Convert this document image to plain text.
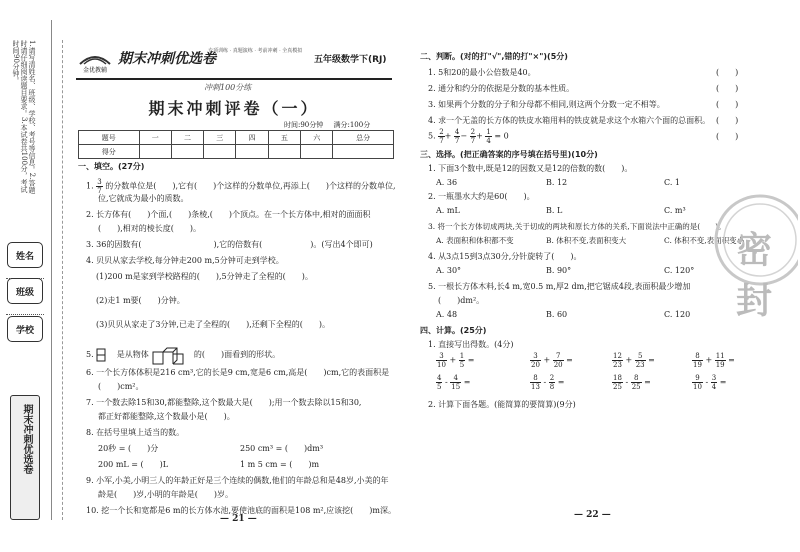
1.请写清姓名、班级、学校、考号等信息。2.答题时请仔细阅读题目要求。3.本试卷共100分，考试时间90分钟。
姓名
班级
学校
期末冲刺优选卷
金优教辅
期末冲刺优选卷
专项训练 · 真题演练 · 考前冲刺 · 全真模拟
五年级数学下(RJ)
冲刺100分练
期末冲刺评卷（一）
时间:90分钟 满分:100分
题号	一	二	三	四	五	六	总分
得分							
一、填空。(27分)
1. $\frac{3}{7}$ 的分数单位是(　　),它有(　　)个这样的分数单位,再添上(　　)个这样的分数单位,
位,它就成为最小的质数。
2. 长方体有(　　)个面,(　　)条棱,(　　)个顶点。在一个长方体中,相对的面面积
(　　),相对的棱长度(　　)。
3. 36的因数有(　　　　　　　　　),它的倍数有(　　　　　　)。(写出4个即可)
4. 贝贝从家去学校,每分钟走200 m,5分钟可走到学校。
(1)200 m是家到学校路程的(　　),5分钟走了全程的(　　)。
(2)走1 m要(　　)分钟。
(3)贝贝从家走了3分钟,已走了全程的(　　),还剩下全程的(　　)。
5.	是从物体	的(　　)面看到的形状。
6. 一个长方体体积是216 cm³,它的长是9 cm,宽是6 cm,高是(　　)cm,它的表面积是
(　　)cm²。
7. 一个数去除15和30,都能整除,这个数最大是(　　);用一个数去除以15和30,
都正好都能整除,这个数最小是(　　)。
8. 在括号里填上适当的数。
20秒 = (　　)分	250 cm³ = (　　)dm³
200 mL = (　　)L	1 m 5 cm = (　　)m
9. 小军,小美,小明三人的年龄正好是三个连续的偶数,他们的年龄总和是48岁,小美的年
龄是(　　)岁,小明的年龄是(　　)岁。
10. 挖一个长和宽都是6 m的长方体水池,要使池底的面积是108 m²,应该挖(　　)m深。
— 21 —
二、判断。(对的打"√",错的打"×")(5分)
1. 5和20的最小公倍数是40。	(　　)
2. 通分和约分的依据是分数的基本性质。	(　　)
3. 如果两个分数的分子和分母都不相同,则这两个分数一定不相等。	(　　)
4. 求一个无盖的长方体的铁皮水箱用料的铁皮就是求这个水箱六个面的总面积。 (　　)
5. $\frac{2}{7} + \frac{4}{7} - \frac{2}{7} + \frac{1}{4} = 0$	(　　)
三、选择。(把正确答案的序号填在括号里)(10分)
1. 下面3个数中,既是12的因数又是12的倍数的数(　　)。
A. 36	B. 12	C. 1
2. 一瓶墨水大约是60(　　)。
A. mL	B. L	C. m³
3. 将一个长方体切成两块,关于切成的两块和原长方体的关系,下面说法中正确的是(　　)。
A. 表面积和体积都不变	B. 体积不变,表面积变大	C. 体积不变,表面积变小
4. 从3点15到3点30分,分针旋转了(　　)。
A. 30°	B. 90°	C. 120°
5. 一根长方体木料,长4 m,宽0.5 m,厚2 dm,把它锯成4段,表面积最少增加
(　　)dm²。
A. 48	B. 60	C. 120
四、计算。(25分)
1. 直接写出得数。(4分)
$\frac{3}{10} + \frac{1}{5}$ =	$\frac{3}{20} + \frac{7}{20}$ =	$\frac{12}{23} + \frac{5}{23}$ =	$\frac{8}{19} + \frac{11}{19}$ =
$\frac{4}{5} - \frac{4}{15}$ =	$\frac{8}{13} - \frac{2}{8}$ =	$\frac{18}{25} - \frac{8}{25}$ =	$\frac{9}{10} - \frac{3}{4}$ =
2. 计算下面各题。(能简算的要简算)(9分)
密封
— 22 —
